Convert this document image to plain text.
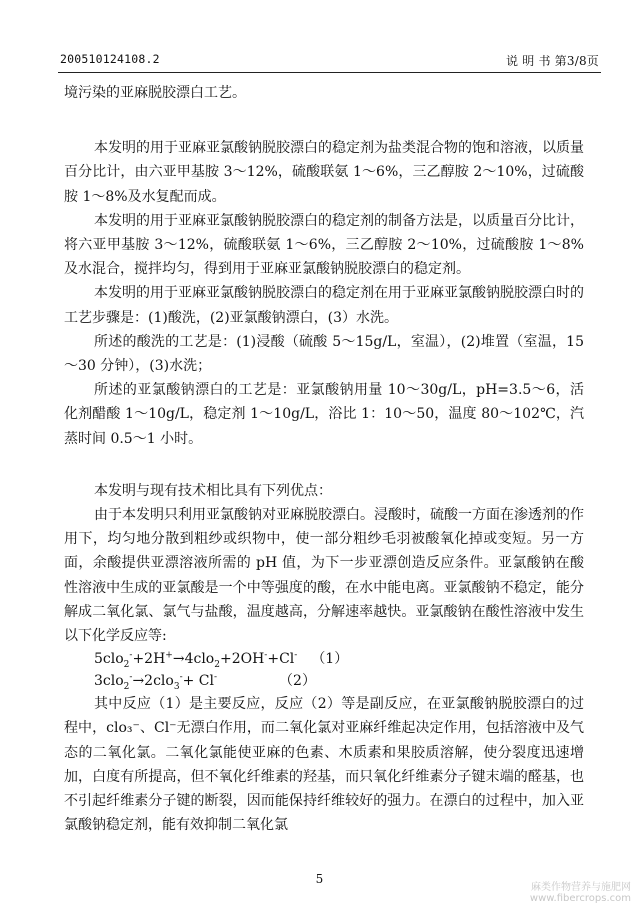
200510124108.2	说 明 书 第3/8页

境污染的亚麻脱胶漂白工艺。

本发明的用于亚麻亚氯酸钠脱胶漂白的稳定剂为盐类混合物的饱和溶液，以质量百分比计，由六亚甲基胺 3～12%，硫酸联氨 1～6%，三乙醇胺 2～10%，过硫酸胺 1～8%及水复配而成。

本发明的用于亚麻亚氯酸钠脱胶漂白的稳定剂的制备方法是，以质量百分比计，将六亚甲基胺 3～12%，硫酸联氨 1～6%，三乙醇胺 2～10%，过硫酸胺 1～8%及水混合，搅拌均匀，得到用于亚麻亚氯酸钠脱胶漂白的稳定剂。

本发明的用于亚麻亚氯酸钠脱胶漂白的稳定剂在用于亚麻亚氯酸钠脱胶漂白时的工艺步骤是：(1)酸洗，(2)亚氯酸钠漂白，(3）水洗。

所述的酸洗的工艺是：(1)浸酸（硫酸 5～15g/L，室温），(2)堆置（室温，15～30 分钟），(3)水洗；

所述的亚氯酸钠漂白的工艺是：亚氯酸钠用量 10～30g/L，pH=3.5～6，活化剂醋酸 1～10g/L，稳定剂 1～10g/L，浴比 1：10～50，温度 80～102℃，汽蒸时间 0.5～1 小时。

本发明与现有技术相比具有下列优点：

由于本发明只利用亚氯酸钠对亚麻脱胶漂白。浸酸时，硫酸一方面在渗透剂的作用下，均匀地分散到粗纱或织物中，使一部分粗纱毛羽被酸氧化掉或变短。另一方面，余酸提供亚漂溶液所需的 pH 值，为下一步亚漂创造反应条件。亚氯酸钠在酸性溶液中生成的亚氯酸是一个中等强度的酸，在水中能电离。亚氯酸钠不稳定，能分解成二氧化氯、氯气与盐酸，温度越高，分解速率越快。亚氯酸钠在酸性溶液中发生以下化学反应等:

5clo$_2$-+2H+→4clo$_2$+2OH-+Cl- （1）

3clo$_2$-→2clo$_3$-+ Cl-	（2）

其中反应（1）是主要反应，反应（2）等是副反应，在亚氯酸钠脱胶漂白的过程中，clo₃⁻、Cl⁻无漂白作用，而二氧化氯对亚麻纤维起决定作用，包括溶液中及气态的二氧化氯。二氧化氯能使亚麻的色素、木质素和果胶质溶解，使分裂度迅速增加，白度有所提高，但不氧化纤维素的羟基，而只氧化纤维素分子键末端的醛基，也不引起纤维素分子键的断裂，因而能保持纤维较好的强力。在漂白的过程中，加入亚氯酸钠稳定剂，能有效抑制二氧化氯

5
麻类作物营养与施肥网
www.fibercrops.com
